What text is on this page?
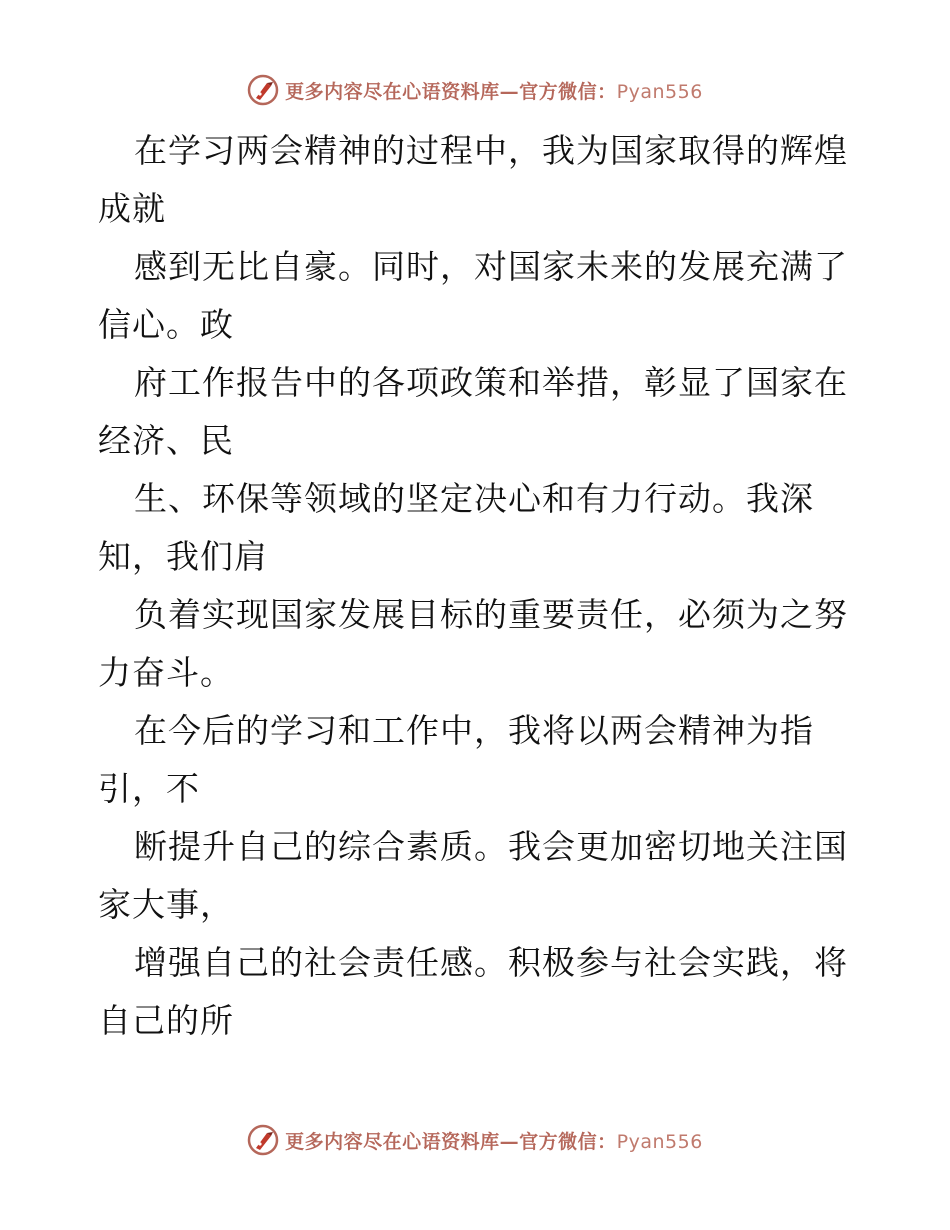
更多内容尽在心语资料库—官方微信：Pyan556
在学习两会精神的过程中，我为国家取得的辉煌
成就
感到无比自豪。同时，对国家未来的发展充满了
信心。政
府工作报告中的各项政策和举措，彰显了国家在
经济、民
生、环保等领域的坚定决心和有力行动。我深
知，我们肩
负着实现国家发展目标的重要责任，必须为之努
力奋斗。
在今后的学习和工作中，我将以两会精神为指
引，不
断提升自己的综合素质。我会更加密切地关注国
家大事，
增强自己的社会责任感。积极参与社会实践，将
自己的所
更多内容尽在心语资料库—官方微信：Pyan556
